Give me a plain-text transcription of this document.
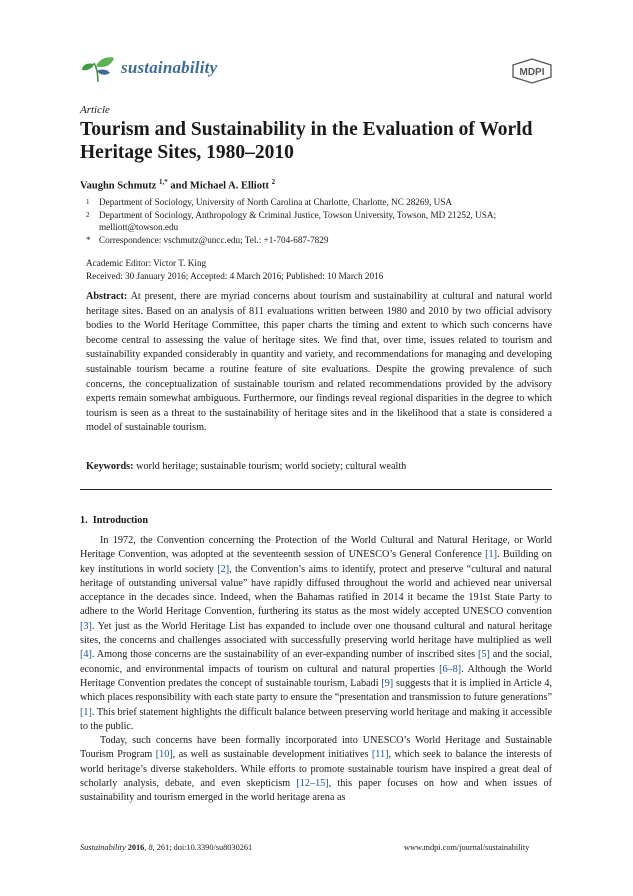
sustainability	MDPI
Article
Tourism and Sustainability in the Evaluation of World Heritage Sites, 1980–2010
Vaughn Schmutz $^{1,*}$ and Michael A. Elliott $^2$
1	Department of Sociology, University of North Carolina at Charlotte, Charlotte, NC 28269, USA
2	Department of Sociology, Anthropology & Criminal Justice, Towson University, Towson, MD 21252, USA; melliott@towson.edu
* Correspondence: vschmutz@uncc.edu; Tel.: +1-704-687-7829
Academic Editor: Victor T. King
Received: 30 January 2016; Accepted: 4 March 2016; Published: 10 March 2016
Abstract: At present, there are myriad concerns about tourism and sustainability at cultural and natural world heritage sites. Based on an analysis of 811 evaluations written between 1980 and 2010 by two official advisory bodies to the World Heritage Committee, this paper charts the timing and extent to which such concerns have become central to assessing the value of heritage sites. We find that, over time, issues related to tourism and sustainability expanded considerably in quantity and variety, and recommendations for managing and developing sustainable tourism became a routine feature of site evaluations. Despite the growing prevalence of such concerns, the conceptualization of sustainable tourism and related recommendations provided by the advisory experts remain somewhat ambiguous. Furthermore, our findings reveal regional disparities in the degree to which tourism is seen as a threat to the sustainability of heritage sites and in the likelihood that a state is considered a model of sustainable tourism.
Keywords: world heritage; sustainable tourism; world society; cultural wealth
1. Introduction

In 1972, the Convention concerning the Protection of the World Cultural and Natural Heritage, or World Heritage Convention, was adopted at the seventeenth session of UNESCO’s General Conference [1]. Building on key institutions in world society [2], the Convention’s aims to identify, protect and preserve “cultural and natural heritage of outstanding universal value” have rapidly diffused throughout the world and achieved near universal acceptance in the decades since. Indeed, when the Bahamas ratified in 2014 it became the 191st State Party to adhere to the World Heritage Convention, furthering its status as the most widely accepted UNESCO convention [3]. Yet just as the World Heritage List has expanded to include over one thousand cultural and natural heritage sites, the concerns and challenges associated with successfully preserving world heritage have multiplied as well [4]. Among those concerns are the sustainability of an ever-expanding number of inscribed sites [5] and the social, economic, and environmental impacts of tourism on cultural and natural properties [6–8]. Although the World Heritage Convention predates the concept of sustainable tourism, Labadi [9] suggests that it is implied in Article 4, which places responsibility with each state party to ensure the “presentation and transmission to future generations” [1]. This brief statement highlights the difficult balance between preserving world heritage and making it accessible to the public.

Today, such concerns have been formally incorporated into UNESCO’s World Heritage and Sustainable Tourism Program [10], as well as sustainable development initiatives [11], which seek to balance the interests of world heritage’s diverse stakeholders. While efforts to promote sustainable tourism have inspired a great deal of scholarly analysis, debate, and even skepticism [12–15], this paper focuses on how and when issues of sustainability and tourism emerged in the world heritage arena as

Sustainability 2016, 8, 261; doi:10.3390/su8030261	www.mdpi.com/journal/sustainability
